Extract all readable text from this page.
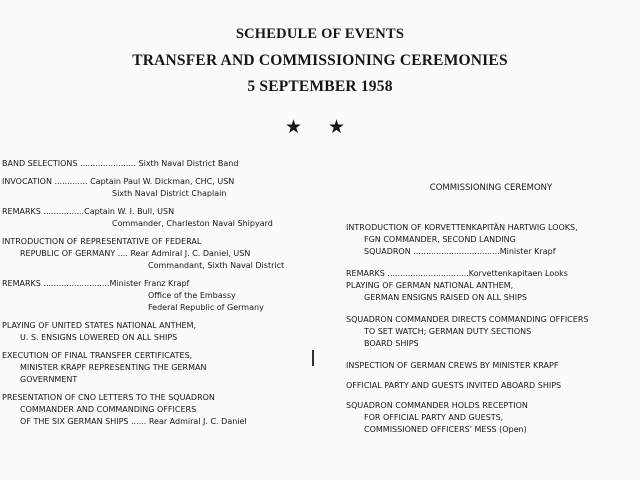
SCHEDULE OF EVENTS
TRANSFER AND COMMISSIONING CEREMONIES
5 SEPTEMBER 1958
★ ★
BAND SELECTIONS ...................... Sixth Naval District Band
INVOCATION ............. Captain Paul W. Dickman, CHC, USN
Sixth Naval District Chaplain
REMARKS ................Captain W. I. Bull, USN
Commander, Charleston Naval Shipyard
INTRODUCTION OF REPRESENTATIVE OF FEDERAL
REPUBLIC OF GERMANY .... Rear Admiral J. C. Daniel, USN
Commandant, Sixth Naval District
REMARKS ..........................Minister Franz Krapf
Office of the Embassy
Federal Republic of Germany
PLAYING OF UNITED STATES NATIONAL ANTHEM,
U. S. ENSIGNS LOWERED ON ALL SHIPS
EXECUTION OF FINAL TRANSFER CERTIFICATES,
MINISTER KRAPF REPRESENTING THE GERMAN
GOVERNMENT
PRESENTATION OF CNO LETTERS TO THE SQUADRON
COMMANDER AND COMMANDING OFFICERS
OF THE SIX GERMAN SHIPS ...... Rear Admiral J. C. Daniel

COMMISSIONING CEREMONY

INTRODUCTION OF KORVETTENKAPITÄN HARTWIG LOOKS,
FGN COMMANDER, SECOND LANDING
SQUADRON ..................................Minister Krapf
REMARKS ................................Korvettenkapitaen Looks
PLAYING OF GERMAN NATIONAL ANTHEM,
GERMAN ENSIGNS RAISED ON ALL SHIPS
SQUADRON COMMANDER DIRECTS COMMANDING OFFICERS
TO SET WATCH; GERMAN DUTY SECTIONS
BOARD SHIPS
INSPECTION OF GERMAN CREWS BY MINISTER KRAPF
OFFICIAL PARTY AND GUESTS INVITED ABOARD SHIPS
SQUADRON COMMANDER HOLDS RECEPTION
FOR OFFICIAL PARTY AND GUESTS,
COMMISSIONED OFFICERS' MESS (Open)
